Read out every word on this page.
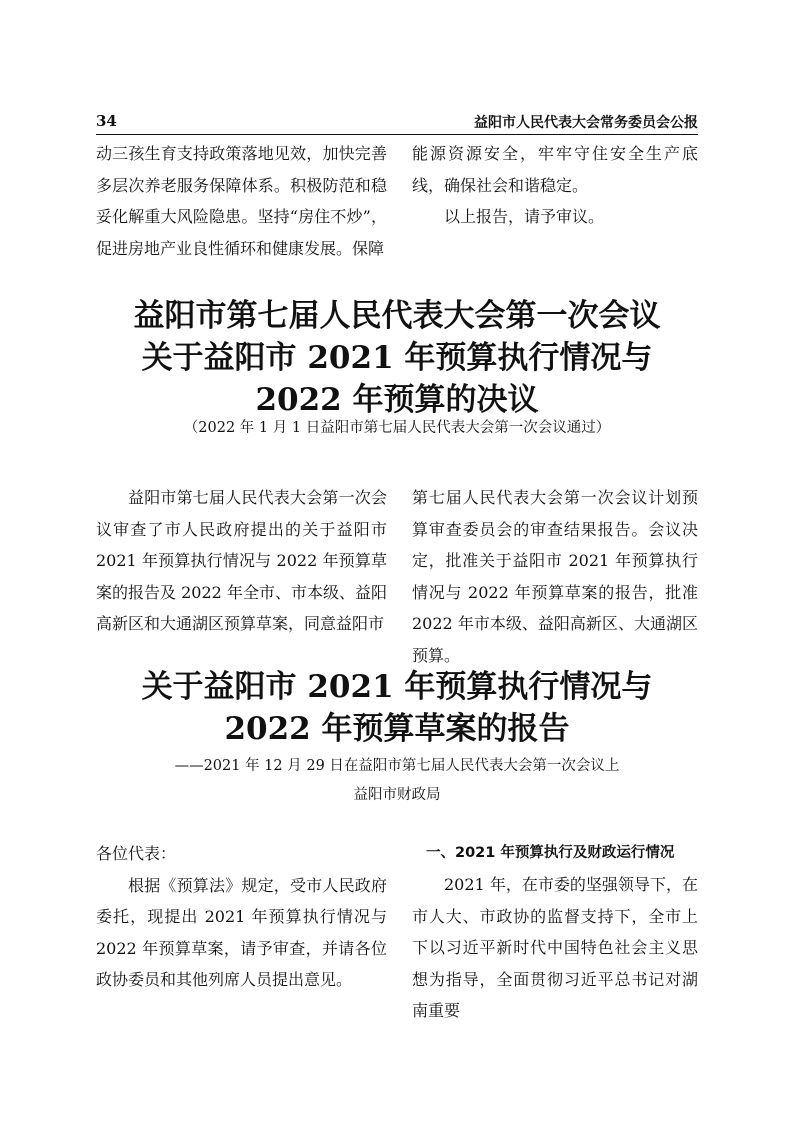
34	益阳市人民代表大会常务委员会公报

动三孩生育支持政策落地见效，加快完善多层次养老服务保障体系。积极防范和稳妥化解重大风险隐患。坚持“房住不炒”，促进房地产业良性循环和健康发展。保障

能源资源安全，牢牢守住安全生产底线，确保社会和谐稳定。

以上报告，请予审议。

益阳市第七届人民代表大会第一次会议
关于益阳市 2021 年预算执行情况与
2022 年预算的决议
（2022 年 1 月 1 日益阳市第七届人民代表大会第一次会议通过）
益阳市第七届人民代表大会第一次会议审查了市人民政府提出的关于益阳市 2021 年预算执行情况与 2022 年预算草案的报告及 2022 年全市、市本级、益阳高新区和大通湖区预算草案，同意益阳市
第七届人民代表大会第一次会议计划预算审查委员会的审查结果报告。会议决定，批准关于益阳市 2021 年预算执行情况与 2022 年预算草案的报告，批准 2022 年市本级、益阳高新区、大通湖区预算。
关于益阳市 2021 年预算执行情况与
2022 年预算草案的报告
——2021 年 12 月 29 日在益阳市第七届人民代表大会第一次会议上
益阳市财政局

各位代表：

根据《预算法》规定，受市人民政府委托，现提出 2021 年预算执行情况与 2022 年预算草案，请予审查，并请各位政协委员和其他列席人员提出意见。

一、2021 年预算执行及财政运行情况
2021 年，在市委的坚强领导下，在市人大、市政协的监督支持下，全市上下以习近平新时代中国特色社会主义思想为指导，全面贯彻习近平总书记对湖南重要
